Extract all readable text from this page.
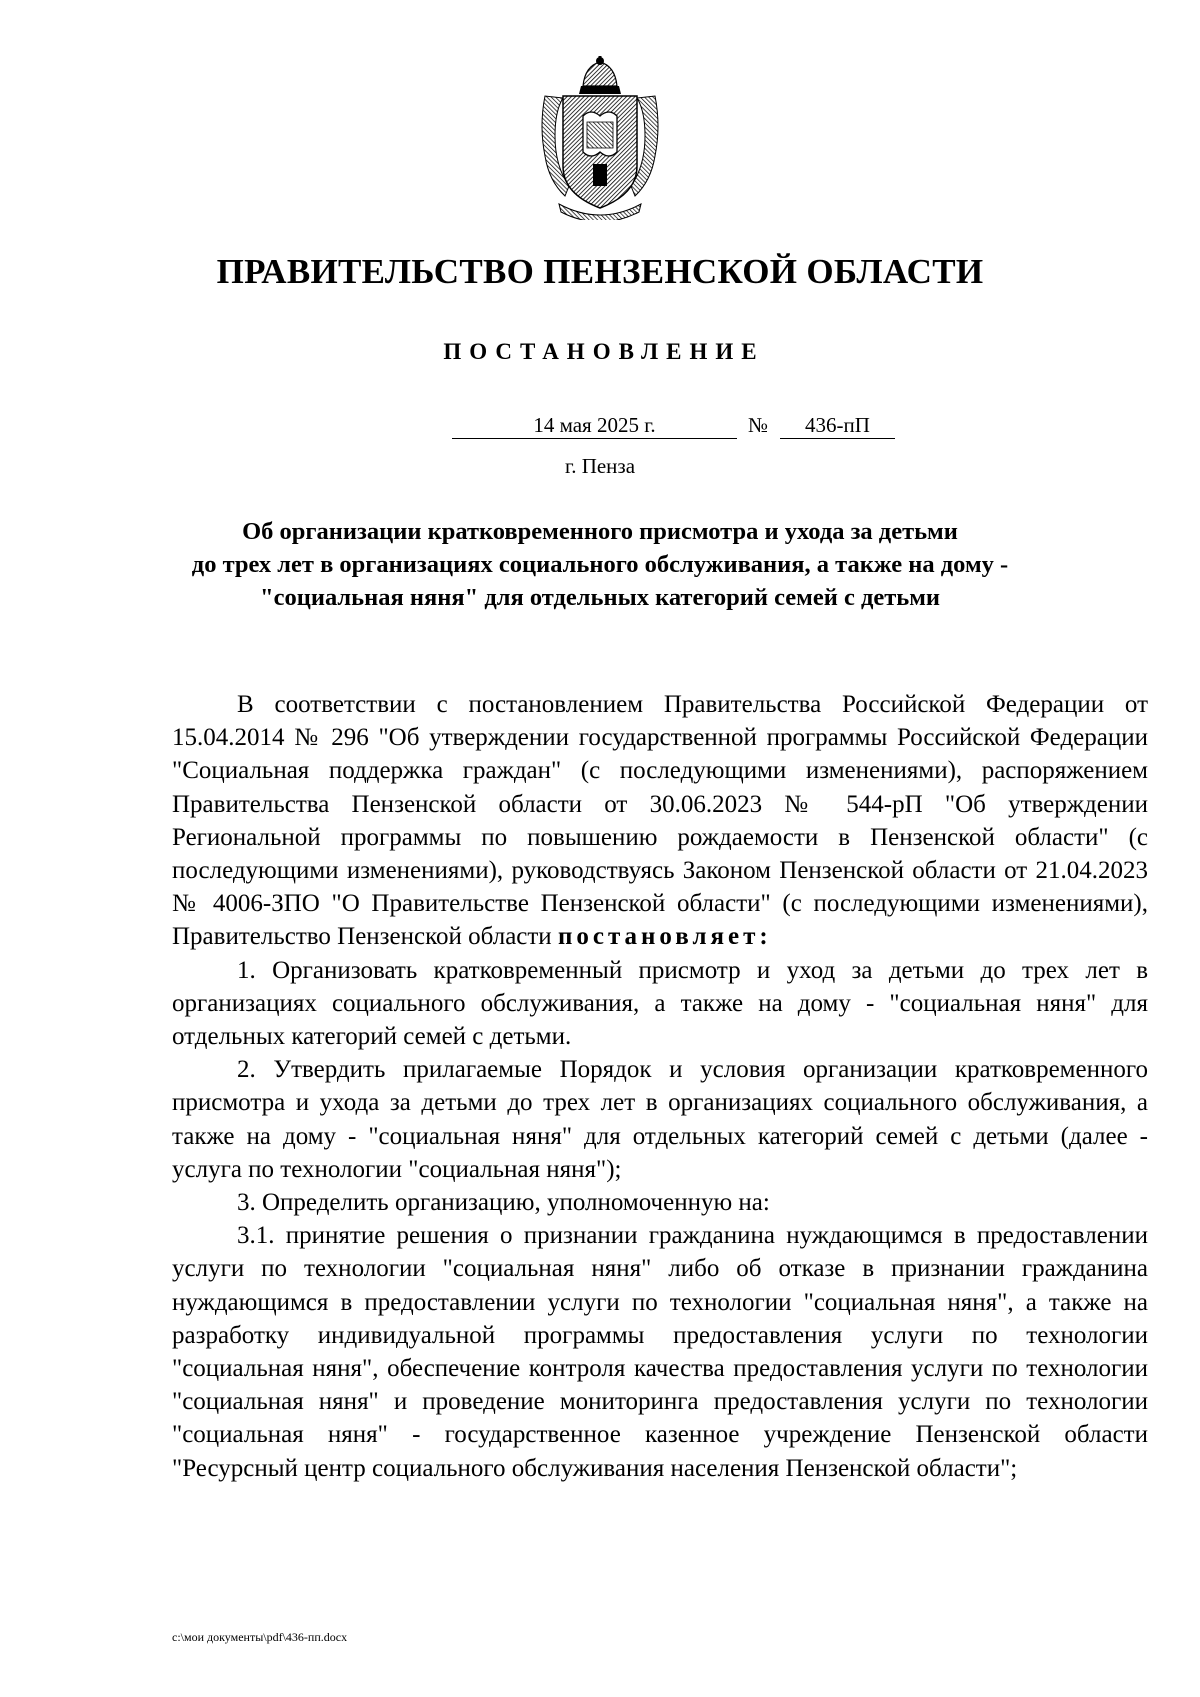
ПРАВИТЕЛЬСТВО ПЕНЗЕНСКОЙ ОБЛАСТИ
ПОСТАНОВЛЕНИЕ
14 мая 2025 г.	№	436-пП
г. Пенза
Об организации кратковременного присмотра и ухода за детьми
до трех лет в организациях социального обслуживания, а также на дому -
"социальная няня" для отдельных категорий семей с детьми

В соответствии с постановлением Правительства Российской Федерации от 15.04.2014 № 296 "Об утверждении государственной программы Российской Федерации "Социальная поддержка граждан" (с последующими изменениями), распоряжением Правительства Пензенской области от 30.06.2023 № 544-рП "Об утверждении Региональной программы по повышению рождаемости в Пензенской области" (с последующими изменениями), руководствуясь Законом Пензенской области от 21.04.2023 № 4006-ЗПО "О Правительстве Пензенской области" (с последующими изменениями), Правительство Пензенской области постановляет:

1. Организовать кратковременный присмотр и уход за детьми до трех лет в организациях социального обслуживания, а также на дому - "социальная няня" для отдельных категорий семей с детьми.

2. Утвердить прилагаемые Порядок и условия организации кратковременного присмотра и ухода за детьми до трех лет в организациях социального обслуживания, а также на дому - "социальная няня" для отдельных категорий семей с детьми (далее - услуга по технологии "социальная няня");

3. Определить организацию, уполномоченную на:

3.1. принятие решения о признании гражданина нуждающимся в предоставлении услуги по технологии "социальная няня" либо об отказе в признании гражданина нуждающимся в предоставлении услуги по технологии "социальная няня", а также на разработку индивидуальной программы предоставления услуги по технологии "социальная няня", обеспечение контроля качества предоставления услуги по технологии "социальная няня" и проведение мониторинга предоставления услуги по технологии "социальная няня" - государственное казенное учреждение Пензенской области "Ресурсный центр социального обслуживания населения Пензенской области";

c:\мои документы\pdf\436-пп.docx
